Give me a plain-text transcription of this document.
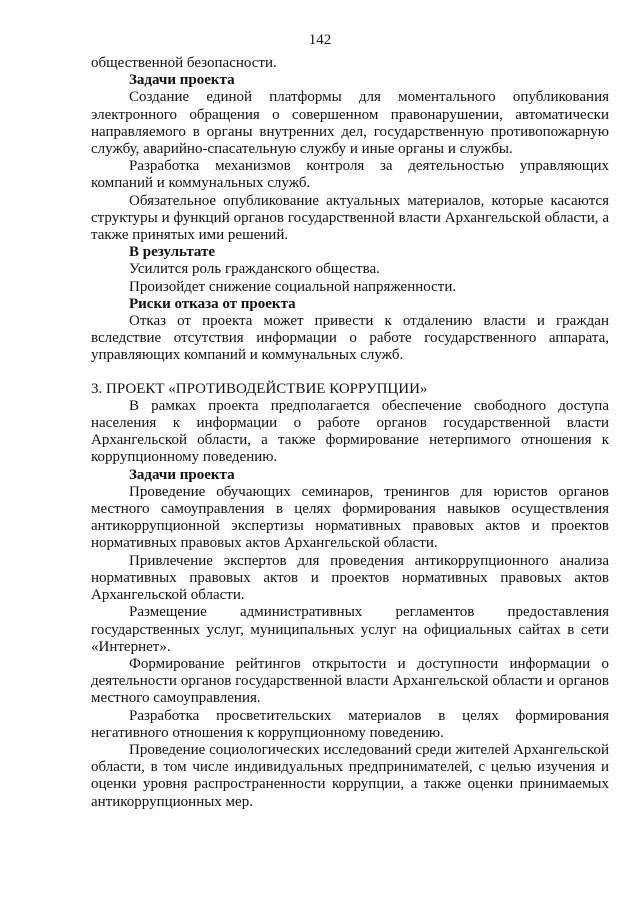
142

общественной безопасности.

Задачи проекта

Создание единой платформы для моментального опубликования электронного обращения о совершенном правонарушении, автоматически направляемого в органы внутренних дел, государственную противопожарную службу, аварийно-спасательную службу и иные органы и службы.

Разработка механизмов контроля за деятельностью управляющих компаний и коммунальных служб.

Обязательное опубликование актуальных материалов, которые касаются структуры и функций органов государственной власти Архангельской области, а также принятых ими решений.

В результате

Усилится роль гражданского общества.

Произойдет снижение социальной напряженности.

Риски отказа от проекта

Отказ от проекта может привести к отдалению власти и граждан вследствие отсутствия информации о работе государственного аппарата, управляющих компаний и коммунальных служб.

3. ПРОЕКТ «ПРОТИВОДЕЙСТВИЕ КОРРУПЦИИ»

В рамках проекта предполагается обеспечение свободного доступа населения к информации о работе органов государственной власти Архангельской области, а также формирование нетерпимого отношения к коррупционному поведению.

Задачи проекта

Проведение обучающих семинаров, тренингов для юристов органов местного самоуправления в целях формирования навыков осуществления антикоррупционной экспертизы нормативных правовых актов и проектов нормативных правовых актов Архангельской области.

Привлечение экспертов для проведения антикоррупционного анализа нормативных правовых актов и проектов нормативных правовых актов Архангельской области.

Размещение административных регламентов предоставления государственных услуг, муниципальных услуг на официальных сайтах в сети «Интернет».

Формирование рейтингов открытости и доступности информации о деятельности органов государственной власти Архангельской области и органов местного самоуправления.

Разработка просветительских материалов в целях формирования негативного отношения к коррупционному поведению.

Проведение социологических исследований среди жителей Архангельской области, в том числе индивидуальных предпринимателей, с целью изучения и оценки уровня распространенности коррупции, а также оценки принимаемых антикоррупционных мер.
